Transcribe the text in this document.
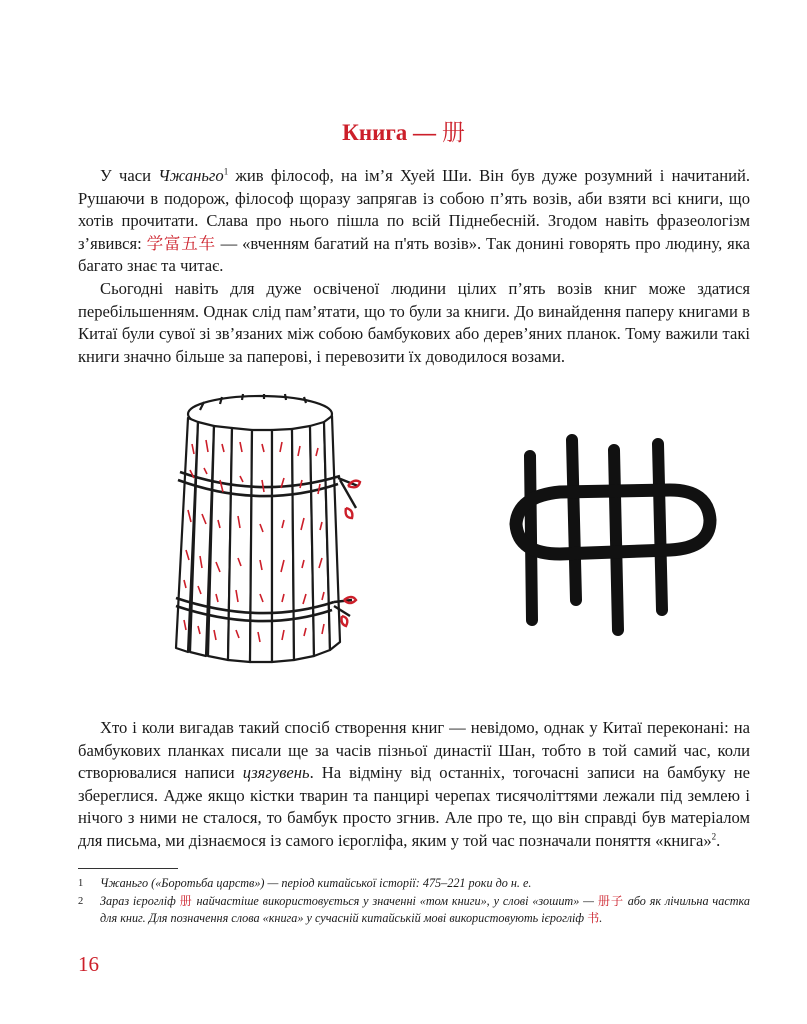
Книга — 册

У часи Чжаньго$^1$ жив філософ, на ім’я Хуей Ши. Він був дуже розумний і начитаний. Рушаючи в подорож, філософ щоразу запрягав із собою п’ять возів, аби взяти всі книги, що хотів прочитати. Слава про нього пішла по всій Піднебесній. Згодом навіть фразеологізм з’явився: 学富五车 — «вченням багатий на п'ять возів». Так донині говорять про людину, яка багато знає та читає.

Сьогодні навіть для дуже освіченої людини цілих п’ять возів книг може здатися перебільшенням. Однак слід пам’ятати, що то були за книги. До винайдення паперу книгами в Китаї були сувої зі зв’язаних між собою бамбукових або дерев’яних планок. Тому важили такі книги значно більше за паперові, і перевозити їх доводилося возами.

Хто і коли вигадав такий спосіб створення книг — невідомо, однак у Китаї переконані: на бамбукових планках писали ще за часів пізньої династії Шан, тобто в той самий час, коли створювалися написи цзягувень. На відміну від останніх, тогочасні записи на бамбуку не збереглися. Адже якщо кістки тварин та панцирі черепах тисячоліттями лежали під землею і нічого з ними не сталося, то бамбук просто згнив. Але про те, що він справді був матеріалом для письма, ми дізнаємося із самого ієрогліфа, яким у той час позначали поняття «книга»$^2$.

1	Чжаньго («Боротьба царств») — період китайської історії: 475–221 роки до н. е.
2	Зараз ієрогліф 册 найчастіше використовується у значенні «том книги», у слові «зошит» — 册子 або як лічильна частка для книг. Для позначення слова «книга» у сучасній китайській мові використовують ієрогліф 书.
16
